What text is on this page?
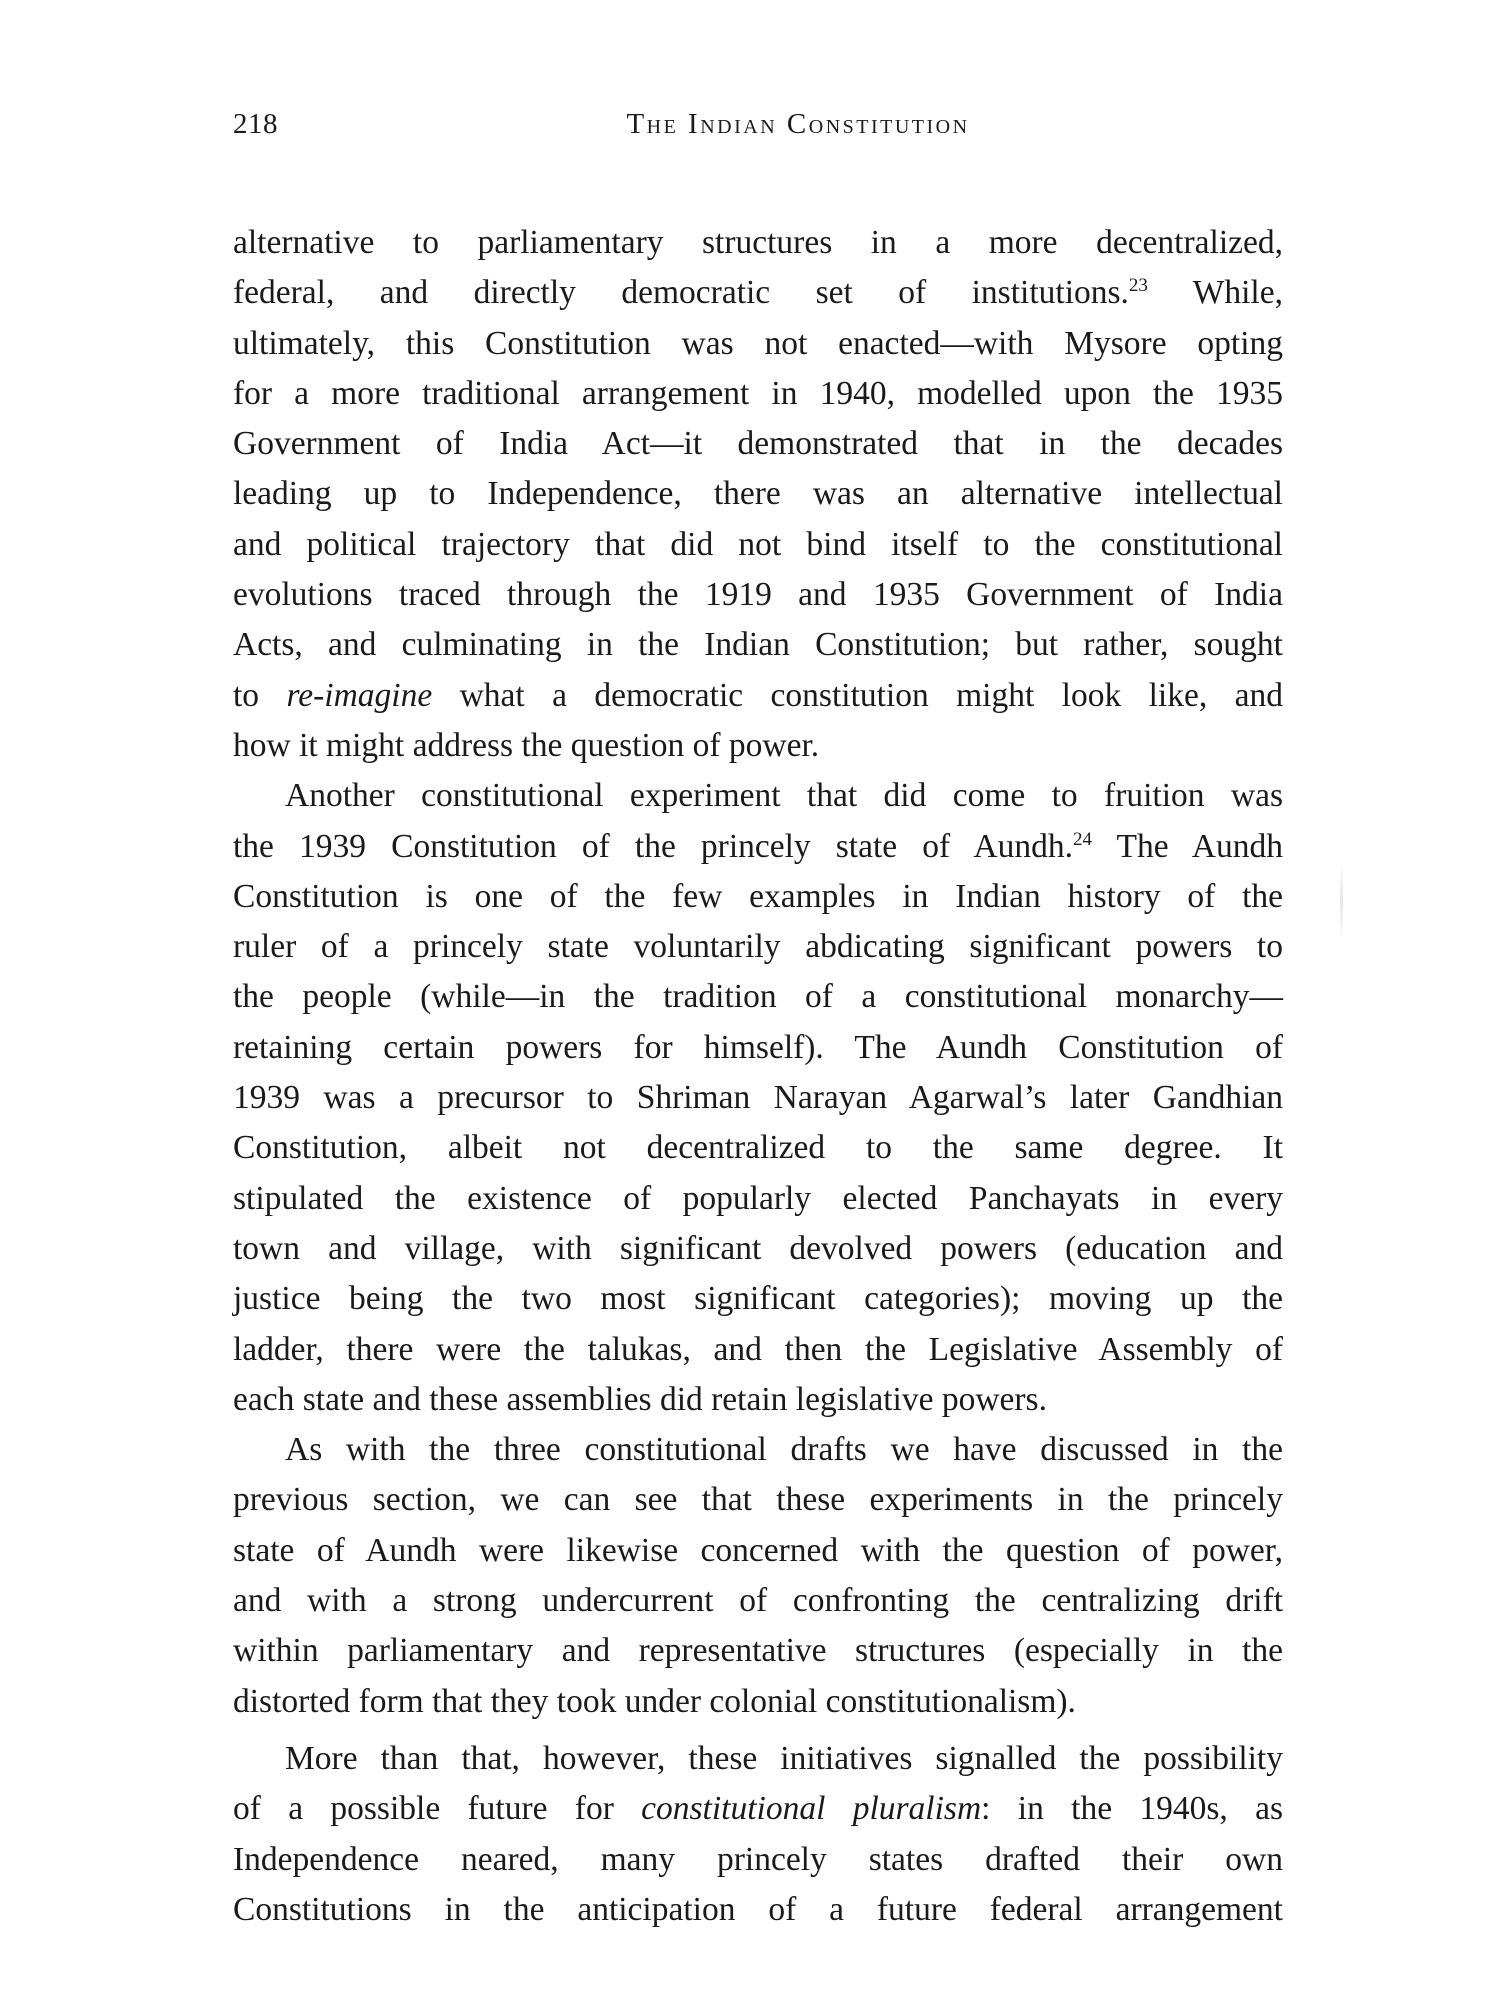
218	The Indian Constitution
alternative to parliamentary structures in a more decentralized,
federal, and directly democratic set of institutions.$^{23}$ While,
ultimately, this Constitution was not enacted—with Mysore opting
for a more traditional arrangement in 1940, modelled upon the 1935
Government of India Act—it demonstrated that in the decades
leading up to Independence, there was an alternative intellectual
and political trajectory that did not bind itself to the constitutional
evolutions traced through the 1919 and 1935 Government of India
Acts, and culminating in the Indian Constitution; but rather, sought
to re-imagine what a democratic constitution might look like, and
how it might address the question of power.
Another constitutional experiment that did come to fruition was
the 1939 Constitution of the princely state of Aundh.$^{24}$ The Aundh
Constitution is one of the few examples in Indian history of the
ruler of a princely state voluntarily abdicating significant powers to
the people (while—in the tradition of a constitutional monarchy—
retaining certain powers for himself). The Aundh Constitution of
1939 was a precursor to Shriman Narayan Agarwal’s later Gandhian
Constitution, albeit not decentralized to the same degree. It
stipulated the existence of popularly elected Panchayats in every
town and village, with significant devolved powers (education and
justice being the two most significant categories); moving up the
ladder, there were the talukas, and then the Legislative Assembly of
each state and these assemblies did retain legislative powers.
As with the three constitutional drafts we have discussed in the
previous section, we can see that these experiments in the princely
state of Aundh were likewise concerned with the question of power,
and with a strong undercurrent of confronting the centralizing drift
within parliamentary and representative structures (especially in the
distorted form that they took under colonial constitutionalism).
More than that, however, these initiatives signalled the possibility
of a possible future for constitutional pluralism: in the 1940s, as
Independence neared, many princely states drafted their own
Constitutions in the anticipation of a future federal arrangement
